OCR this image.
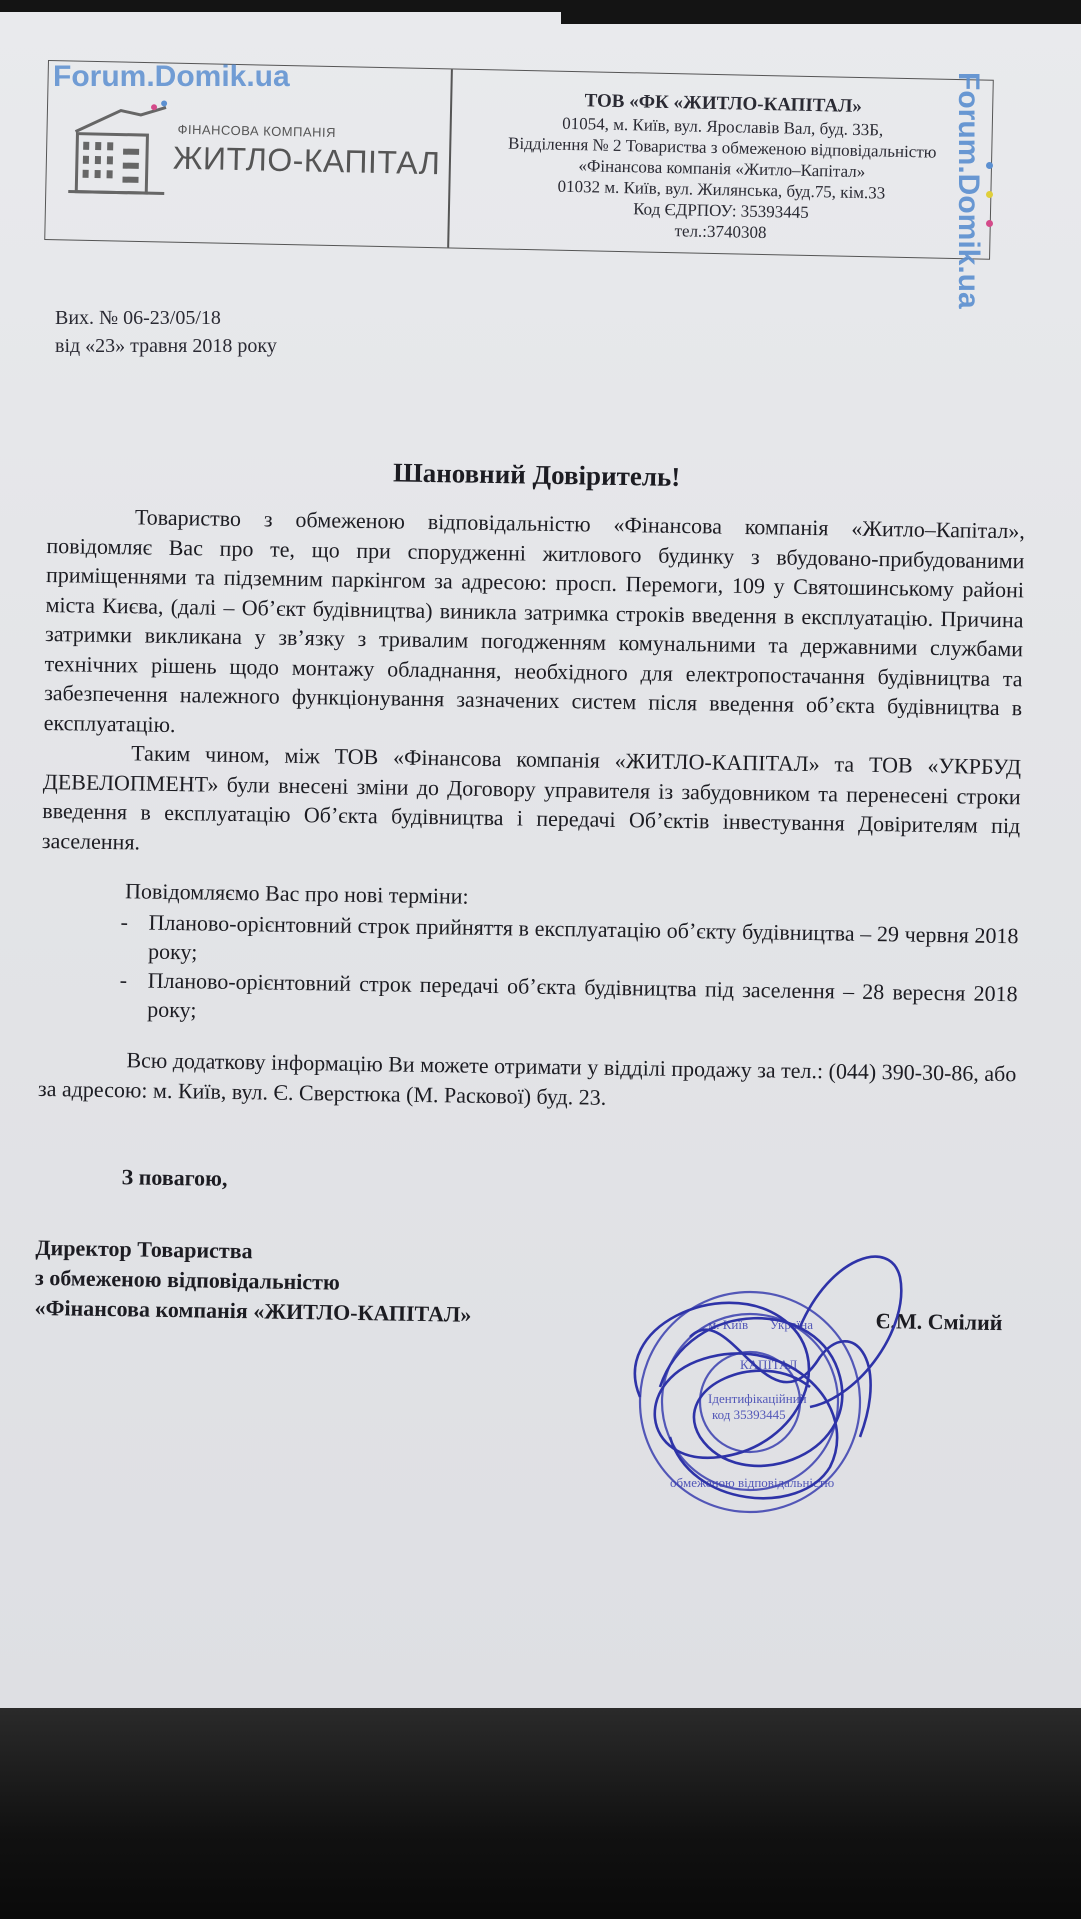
ФІНАНСОВА КОМПАНІЯ
ЖИТЛО-КАПІТАЛ
ТОВ «ФК «ЖИТЛО-КАПІТАЛ»
01054, м. Київ, вул. Ярославів Вал, буд. 33Б,
Відділення № 2 Товариства з обмеженою відповідальністю
«Фінансова компанія «Житло–Капітал»
01032 м. Київ, вул. Жилянська, буд.75, кім.33
Код ЄДРПОУ: 35393445
тел.:3740308
Forum.Domik.ua	Forum.Domik.ua
Вих. № 06-23/05/18
від «23» травня 2018 року
Шановний Довіритель!

Товариство з обмеженою відповідальністю «Фінансова компанія «Житло–Капітал», повідомляє Вас про те, що при спорудженні житлового будинку з вбудовано-прибудованими приміщеннями та підземним паркінгом за адресою: просп. Перемоги, 109 у Святошинському районі міста Києва, (далі – Об’єкт будівництва) виникла затримка строків введення в експлуатацію. Причина затримки викликана у зв’язку з тривалим погодженням комунальними та державними службами технічних рішень щодо монтажу обладнання, необхідного для електропостачання будівництва та забезпечення належного функціонування зазначених систем після введення об’єкта будівництва в експлуатацію.

Таким чином, між ТОВ «Фінансова компанія «ЖИТЛО-КАПІТАЛ» та ТОВ «УКРБУД ДЕВЕЛОПМЕНТ» були внесені зміни до Договору управителя із забудовником та перенесені строки введення в експлуатацію Об’єкта будівництва і передачі Об’єктів інвестування Довірителям під заселення.

Повідомляємо Вас про нові терміни:
- Планово-орієнтовний строк прийняття в експлуатацію об’єкту будівництва – 29 червня 2018 року;
- Планово-орієнтовний строк передачі об’єкта будівництва під заселення – 28 вересня 2018 року;

Всю додаткову інформацію Ви можете отримати у відділі продажу за тел.: (044) 390-30-86, або за адресою: м. Київ, вул. Є. Сверстюка (М. Раскової) буд. 23.

З повагою,
Директор Товариства
з обмеженою відповідальністю
«Фінансова компанія «ЖИТЛО-КАПІТАЛ»	Є.М. Смілий
м. Київ Україна
Ідентифікаційний
код 35393445
КАПІТАЛ
обмеженою відповідальністю
